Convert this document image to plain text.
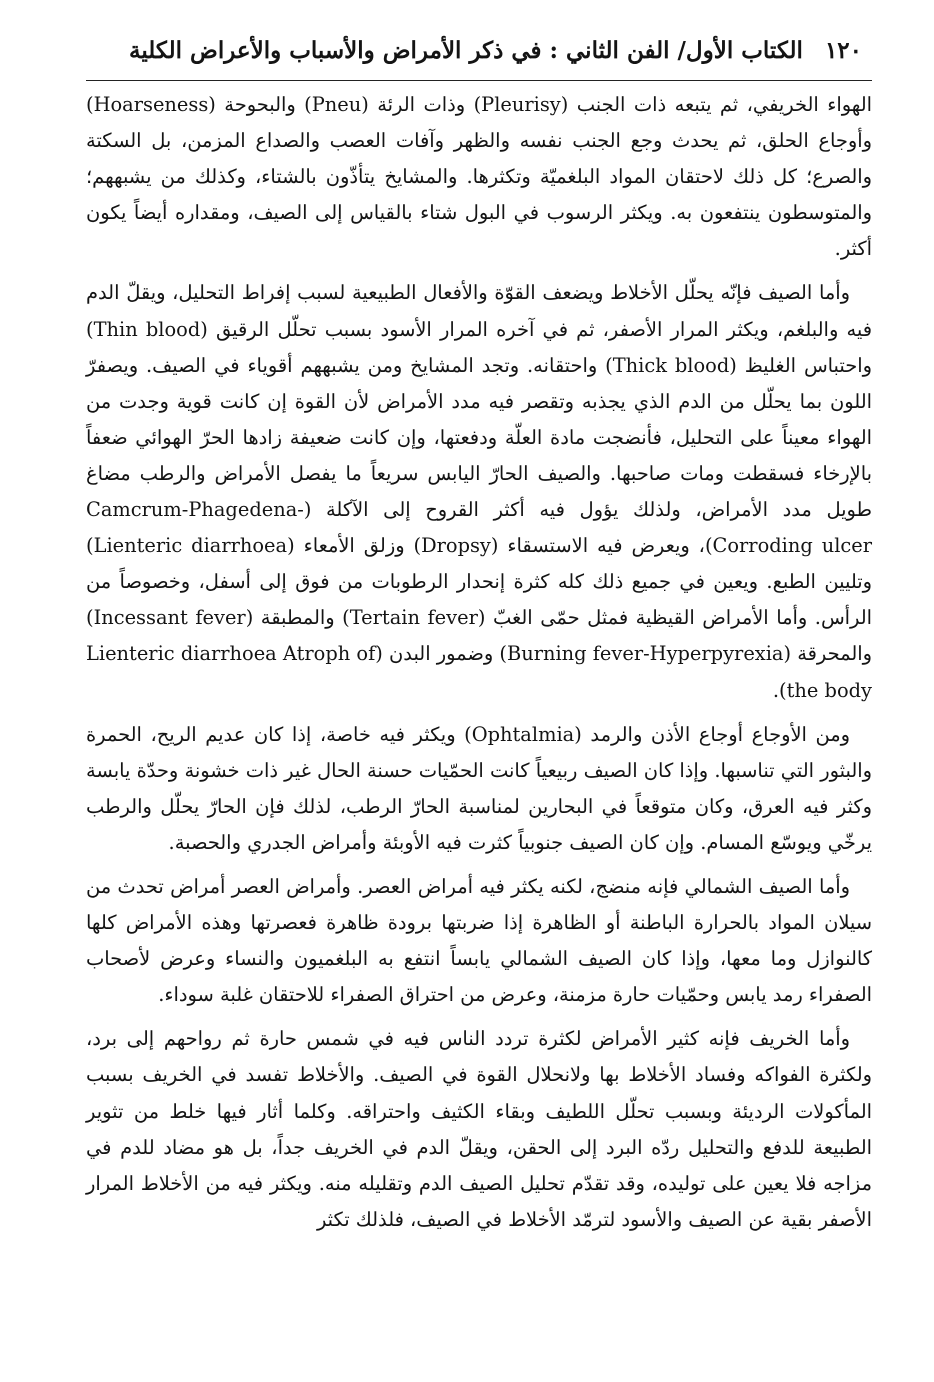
١٢٠
الكتاب الأول/ الفن الثاني : في ذكر الأمراض والأسباب والأعراض الكلية

الهواء الخريفي، ثم يتبعه ذات الجنب (Pleurisy) وذات الرئة (Pneu) والبحوحة (Hoarseness) وأوجاع الحلق، ثم يحدث وجع الجنب نفسه والظهر وآفات العصب والصداع المزمن، بل السكتة والصرع؛ كل ذلك لاحتقان المواد البلغميّة وتكثرها. والمشايخ يتأذّون بالشتاء، وكذلك من يشبههم؛ والمتوسطون ينتفعون به. ويكثر الرسوب في البول شتاء بالقياس إلى الصيف، ومقداره أيضاً يكون أكثر.

وأما الصيف فإنّه يحلّل الأخلاط ويضعف القوّة والأفعال الطبيعية لسبب إفراط التحليل، ويقلّ الدم فيه والبلغم، ويكثر المرار الأصفر، ثم في آخره المرار الأسود بسبب تحلّل الرقيق (Thin blood) واحتباس الغليظ (Thick blood) واحتقانه. وتجد المشايخ ومن يشبههم أقوياء في الصيف. ويصفرّ اللون بما يحلّل من الدم الذي يجذبه وتقصر فيه مدد الأمراض لأن القوة إن كانت قوية وجدت من الهواء معيناً على التحليل، فأنضجت مادة العلّة ودفعتها، وإن كانت ضعيفة زادها الحرّ الهوائي ضعفاً بالإرخاء فسقطت ومات صاحبها. والصيف الحارّ اليابس سريعاً ما يفصل الأمراض والرطب مضاغ طويل مدد الأمراض، ولذلك يؤول فيه أكثر القروح إلى الآكلة (Camcrum-Phagedena-Corroding ulcer)، ويعرض فيه الاستسقاء (Dropsy) وزلق الأمعاء (Lienteric diarrhoea) وتليين الطبع. ويعين في جميع ذلك كله كثرة إنحدار الرطوبات من فوق إلى أسفل، وخصوصاً من الرأس. وأما الأمراض القيظية فمثل حمّى الغبّ (Tertain fever) والمطبقة (Incessant fever) والمحرقة (Burning fever-Hyperpyrexia) وضمور البدن (Lienteric diarrhoea Atroph of the body).

ومن الأوجاع أوجاع الأذن والرمد (Ophtalmia) ويكثر فيه خاصة، إذا كان عديم الريح، الحمرة والبثور التي تناسبها. وإذا كان الصيف ربيعياً كانت الحمّيات حسنة الحال غير ذات خشونة وحدّة يابسة وكثر فيه العرق، وكان متوقعاً في البحارين لمناسبة الحارّ الرطب، لذلك فإن الحارّ يحلّل والرطب يرخّي ويوسّع المسام. وإن كان الصيف جنوبياً كثرت فيه الأوبئة وأمراض الجدري والحصبة.

وأما الصيف الشمالي فإنه منضج، لكنه يكثر فيه أمراض العصر. وأمراض العصر أمراض تحدث من سيلان المواد بالحرارة الباطنة أو الظاهرة إذا ضربتها برودة ظاهرة فعصرتها وهذه الأمراض كلها كالنوازل وما معها، وإذا كان الصيف الشمالي يابساً انتفع به البلغميون والنساء وعرض لأصحاب الصفراء رمد يابس وحمّيات حارة مزمنة، وعرض من احتراق الصفراء للاحتقان غلبة سوداء.

وأما الخريف فإنه كثير الأمراض لكثرة تردد الناس فيه في شمس حارة ثم رواحهم إلى برد، ولكثرة الفواكه وفساد الأخلاط بها ولانحلال القوة في الصيف. والأخلاط تفسد في الخريف بسبب المأكولات الرديئة وبسبب تحلّل اللطيف وبقاء الكثيف واحتراقه. وكلما أثار فيها خلط من تثوير الطبيعة للدفع والتحليل ردّه البرد إلى الحقن، ويقلّ الدم في الخريف جداً، بل هو مضاد للدم في مزاجه فلا يعين على توليده، وقد تقدّم تحليل الصيف الدم وتقليله منه. ويكثر فيه من الأخلاط المرار الأصفر بقية عن الصيف والأسود لترمّد الأخلاط في الصيف، فلذلك تكثر
